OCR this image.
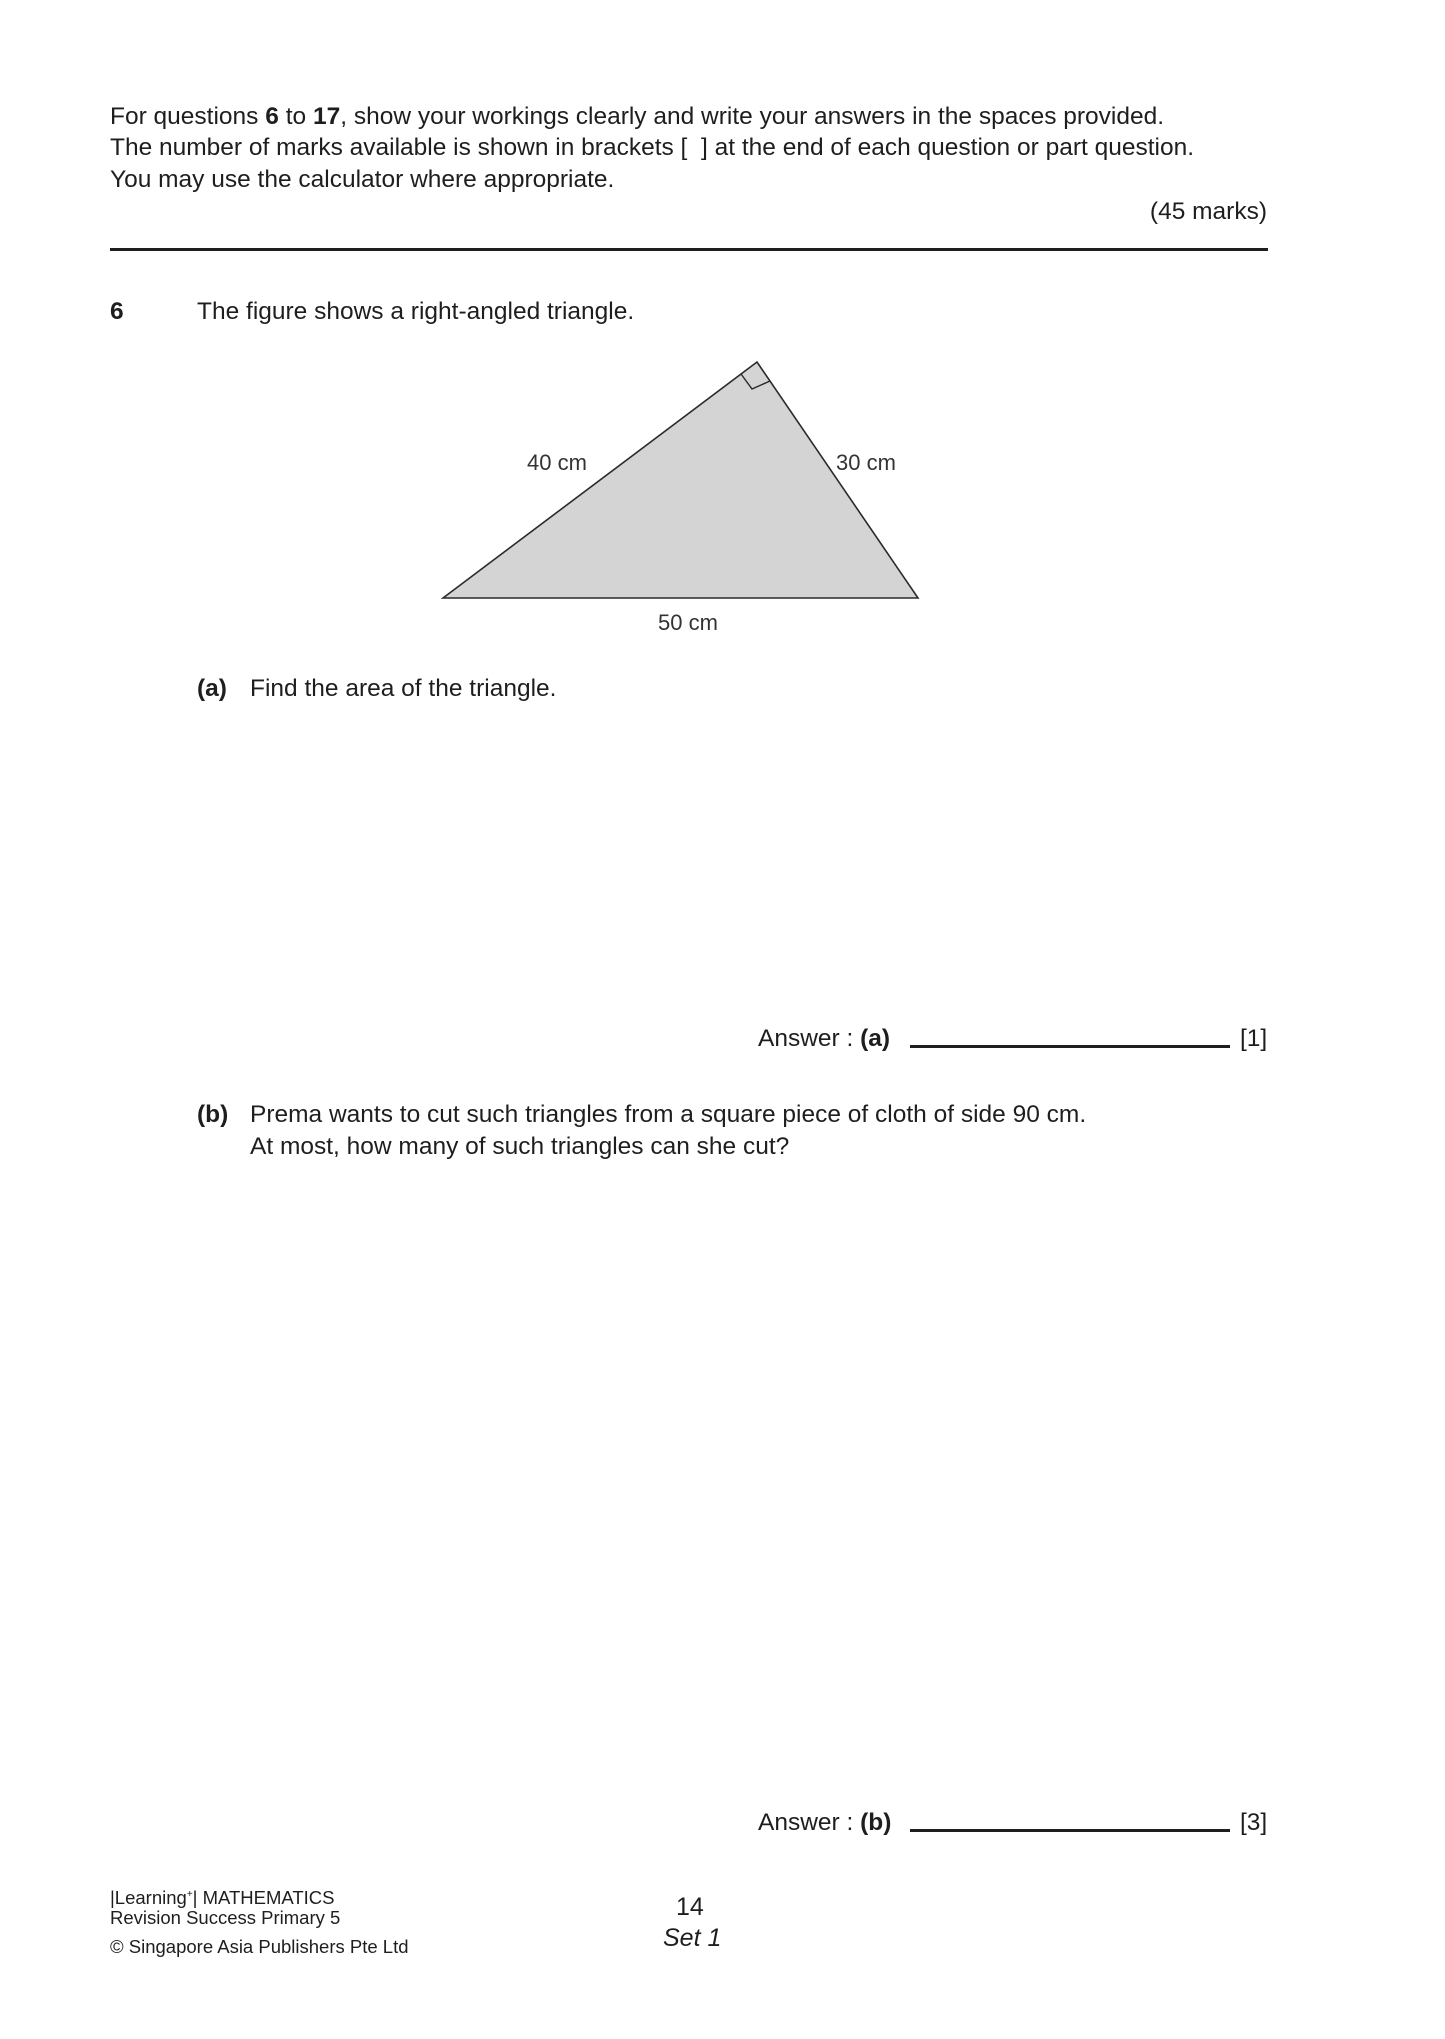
For questions 6 to 17, show your workings clearly and write your answers in the spaces provided.
The number of marks available is shown in brackets [  ] at the end of each question or part question.
You may use the calculator where appropriate.
(45 marks)
6	The figure shows a right-angled triangle.
40 cm	30 cm
50 cm
(a) Find the area of the triangle.
Answer : (a)	[1]
(b) Prema wants to cut such triangles from a square piece of cloth of side 90 cm.
At most, how many of such triangles can she cut?
Answer : (b)	[3]
|Learning+| MATHEMATICS
Revision Success Primary 5
© Singapore Asia Publishers Pte Ltd
14
Set 1
